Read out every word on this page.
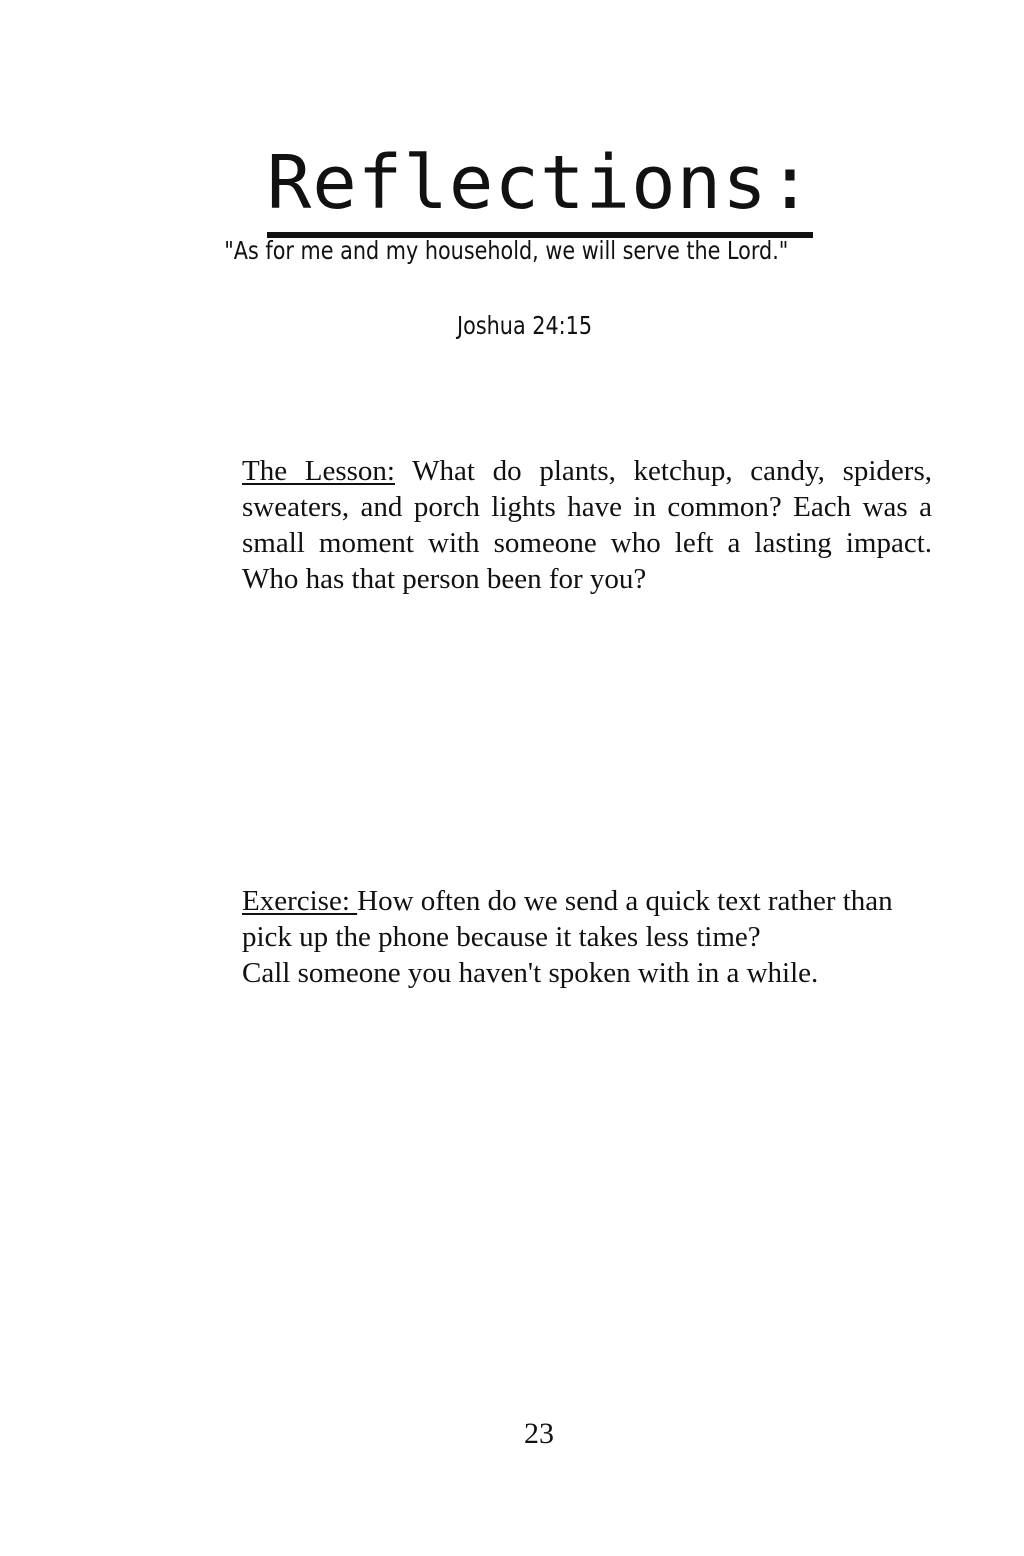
Reflections:
"As for me and my household, we will serve the Lord."
Joshua 24:15

The Lesson: What do plants, ketchup, candy, spiders, sweaters, and porch lights have in common? Each was a small moment with someone who left a lasting impact. Who has that person been for you?

Exercise: How often do we send a quick text rather than pick up the phone because it takes less time?
Call someone you haven't spoken with in a while.

23
